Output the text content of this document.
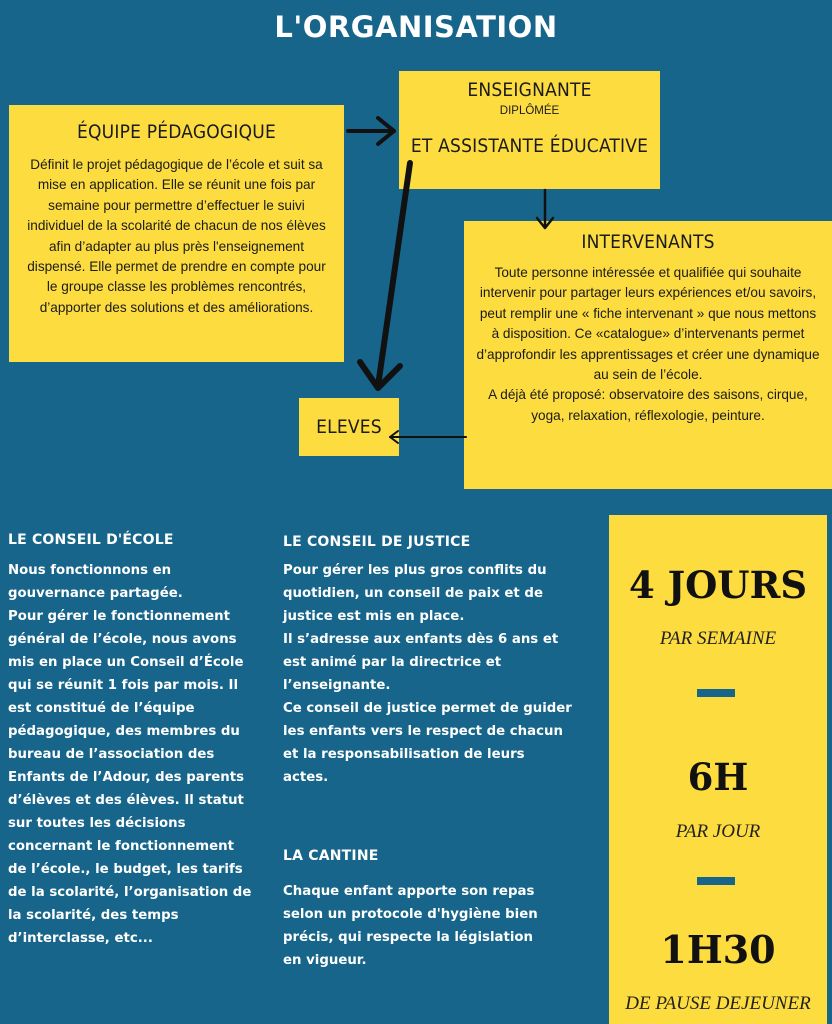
L'ORGANISATION
ÉQUIPE PÉDAGOGIQUE
Définit le projet pédagogique de l’école et suit sa mise en application. Elle se réunit une fois par semaine pour permettre d’effectuer le suivi individuel de la scolarité de chacun de nos élèves afin d’adapter au plus près l'enseignement dispensé. Elle permet de prendre en compte pour le groupe classe les problèmes rencontrés, d’apporter des solutions et des améliorations.
ENSEIGNANTE
DIPLÔMÉE
ET ASSISTANTE ÉDUCATIVE
INTERVENANTS
Toute personne intéressée et qualifiée qui souhaite intervenir pour partager leurs expériences et/ou savoirs, peut remplir une « fiche intervenant » que nous mettons à disposition. Ce «catalogue» d’intervenants permet d’approfondir les apprentissages et créer une dynamique au sein de l’école.
A déjà été proposé: observatoire des saisons, cirque, yoga, relaxation, réflexologie, peinture.
ELEVES
LE CONSEIL D'ÉCOLE
Nous fonctionnons en gouvernance partagée.
Pour gérer le fonctionnement général de l’école, nous avons mis en place un Conseil d’École qui se réunit 1 fois par mois. Il est constitué de l’équipe pédagogique, des membres du bureau de l’association des Enfants de l’Adour, des parents d’élèves et des élèves. Il statut sur toutes les décisions concernant le fonctionnement de l’école., le budget, les tarifs de la scolarité, l’organisation de la scolarité, des temps d’interclasse, etc...
LE CONSEIL DE JUSTICE
Pour gérer les plus gros conflits du quotidien, un conseil de paix et de justice est mis en place.
Il s’adresse aux enfants dès 6 ans et est animé par la directrice et l’enseignante.
Ce conseil de justice permet de guider les enfants vers le respect de chacun et la responsabilisation de leurs actes.
LA CANTINE
Chaque enfant apporte son repas selon un protocole d'hygiène bien précis, qui respecte la législation en vigueur.
4 JOURS
PAR SEMAINE
6H
PAR JOUR
1H30
DE PAUSE DEJEUNER
